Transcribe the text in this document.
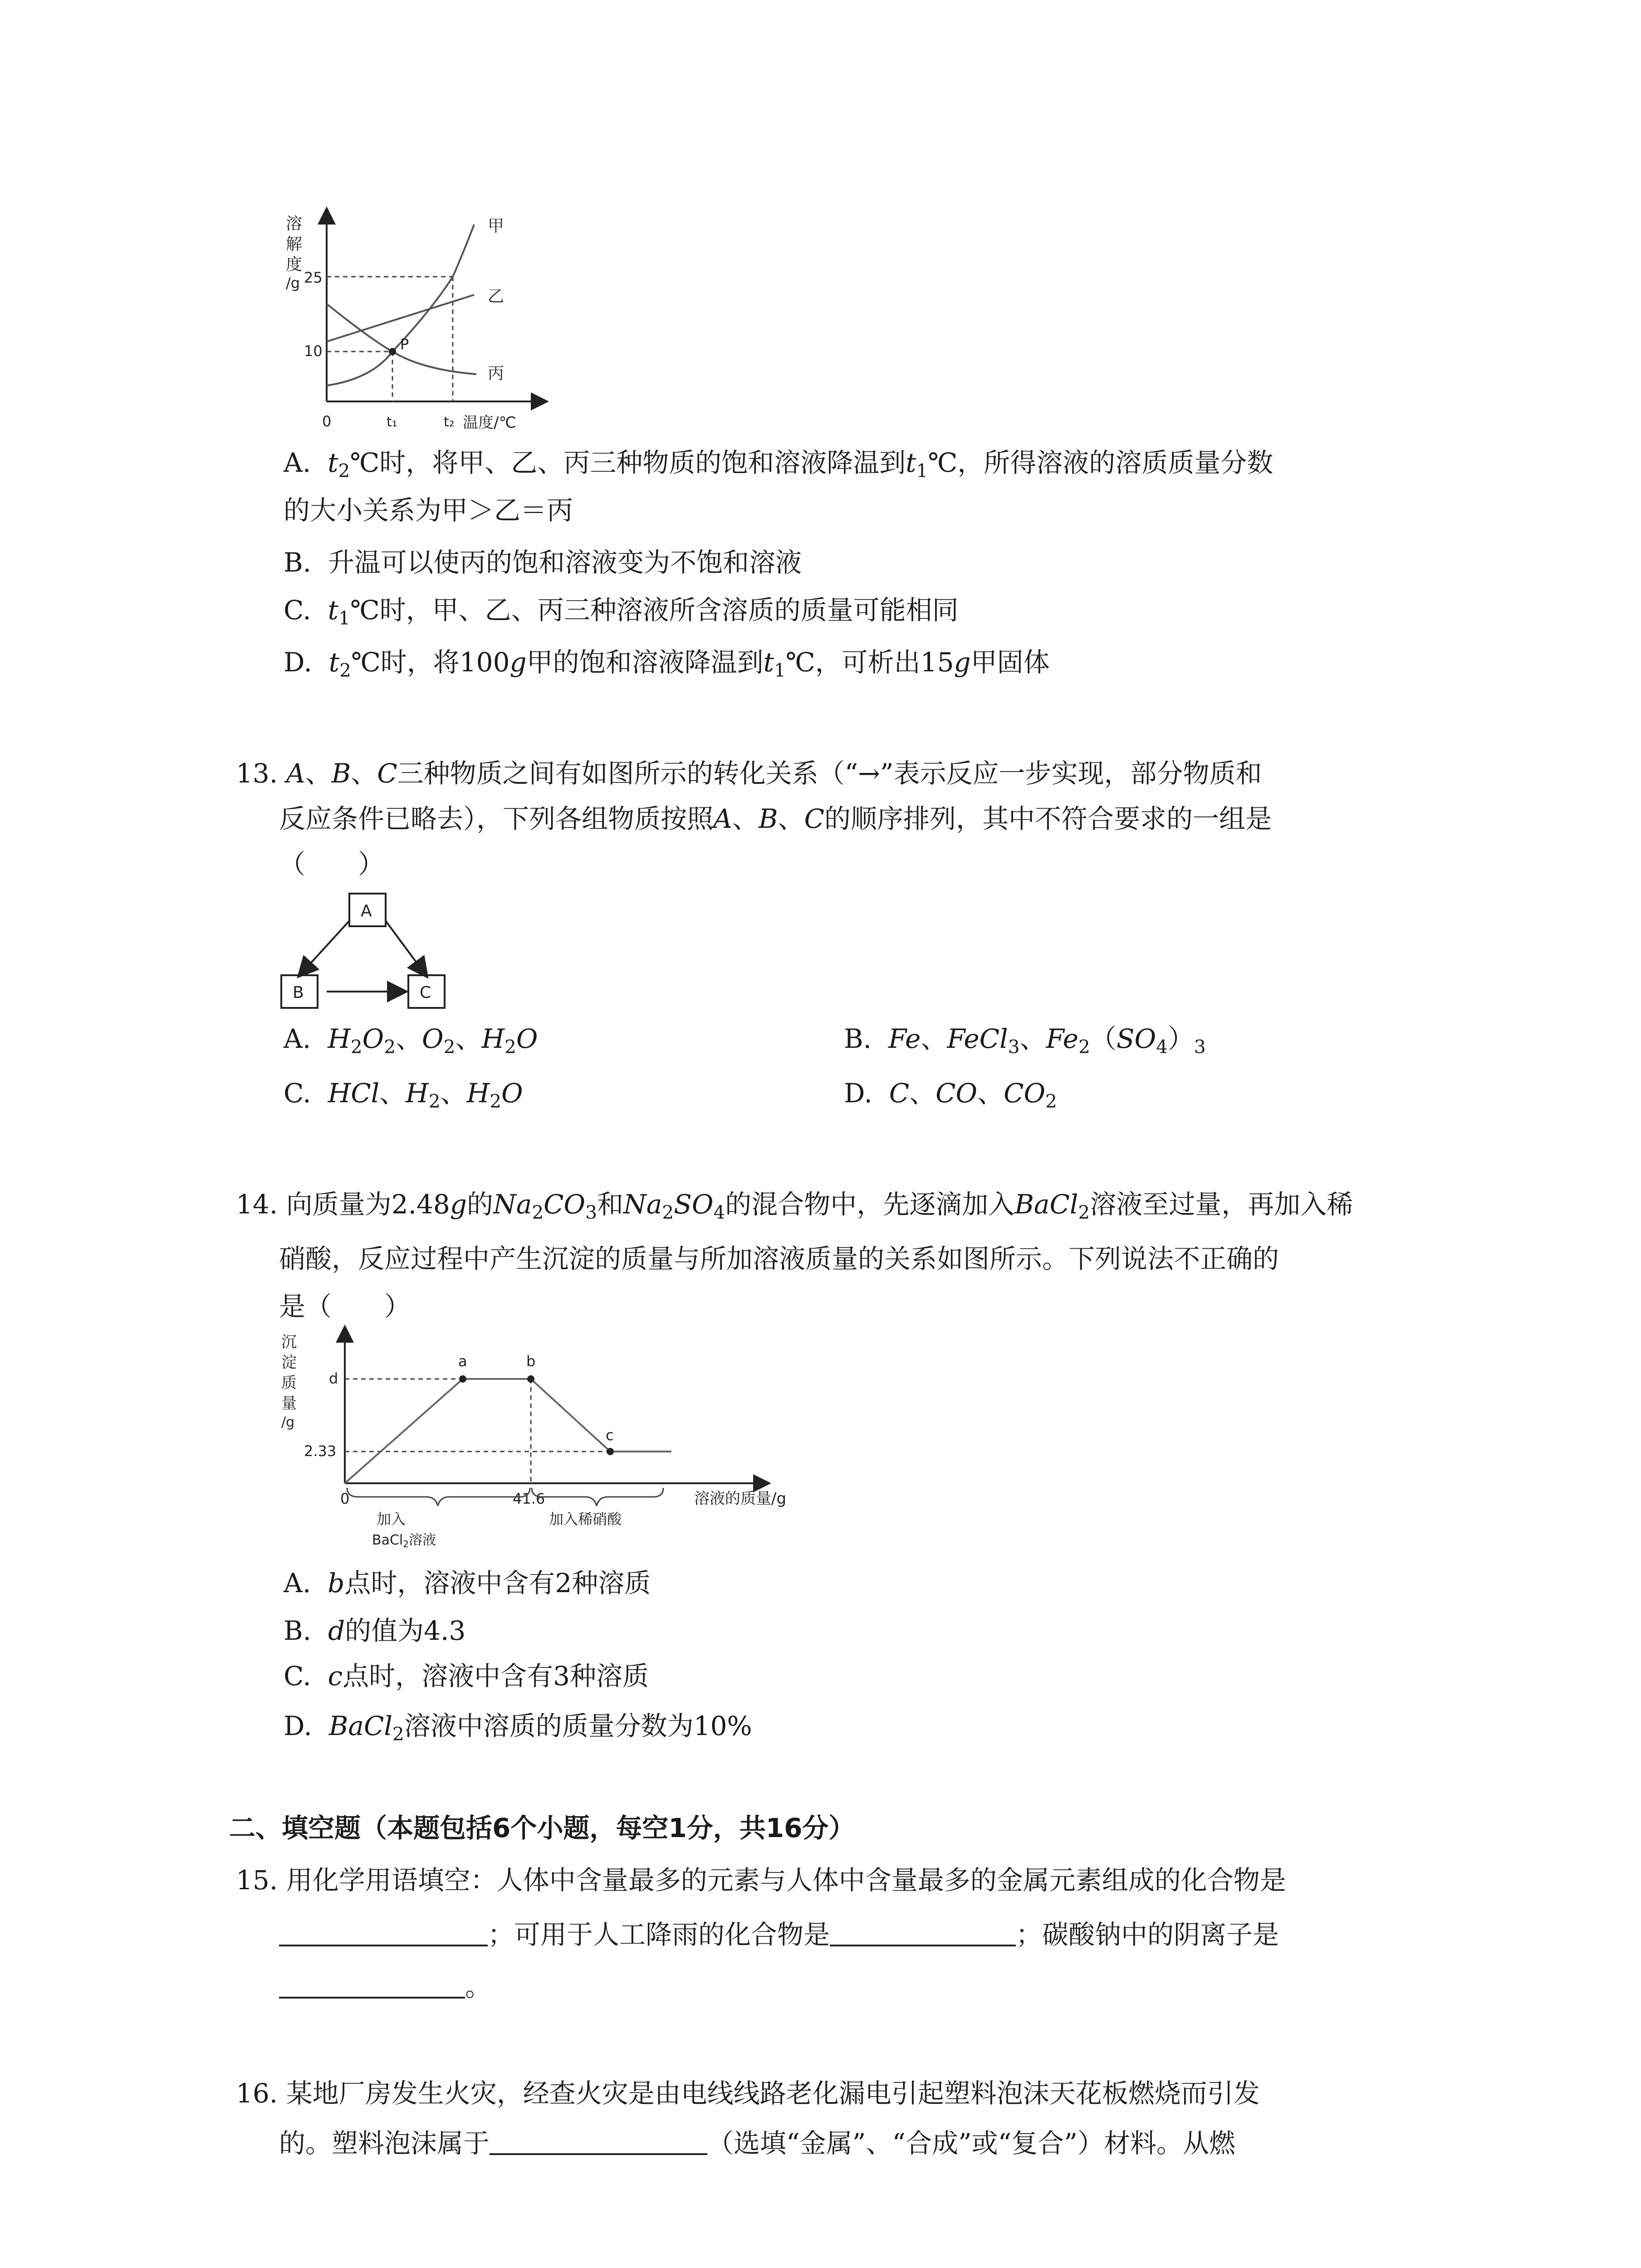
溶
解
度
/g 25
10
0	t₁	t₂ 温度/℃
P
甲
乙
丙
A. $t_2℃$时，将甲、乙、丙三种物质的饱和溶液降温到$t_1℃$，所得溶液的溶质质量分数
的大小关系为甲＞乙＝丙
B. 升温可以使丙的饱和溶液变为不饱和溶液
C. $t_1℃$时，甲、乙、丙三种溶液所含溶质的质量可能相同
D. $t_2℃$时，将100g甲的饱和溶液降温到$t_1℃$，可析出15g甲固体
13. A、B、C三种物质之间有如图所示的转化关系（“→”表示反应一步实现，部分物质和
反应条件已略去），下列各组物质按照A、B、C的顺序排列，其中不符合要求的一组是
（　　）
A
B	C
A. $H_2O_2$、$O_2$、$H_2O$	B. Fe、FeCl$_3$、$Fe_2(SO_4)_3$
C. HCl、$H_2$、$H_2O$	D. C、CO、$CO_2$
14. 向质量为2.48g的$Na_2CO_3$和$Na_2SO_4$的混合物中，先逐滴加入BaCl$_2$溶液至过量，再加入稀
硝酸，反应过程中产生沉淀的质量与所加溶液质量的关系如图所示。下列说法不正确的
是（　　）
沉
淀
质
量
/g
d
2.33
0	41.6	溶液的质量/g
a	b
c
加入
BaCl$_2$溶液
加入稀硝酸
A. b点时，溶液中含有2种溶质
B. d的值为4.3
C. c点时，溶液中含有3种溶质
D. BaCl$_2$溶液中溶质的质量分数为10%
二、填空题（本题包括6个小题，每空1分，共16分）
15. 用化学用语填空：人体中含量最多的元素与人体中含量最多的金属元素组成的化合物是
；可用于人工降雨的化合物是	；碳酸钠中的阴离子是
。
16. 某地厂房发生火灾，经查火灾是由电线线路老化漏电引起塑料泡沫天花板燃烧而引发
的。塑料泡沫属于	（选填“金属”、“合成”或“复合”）材料。从燃
